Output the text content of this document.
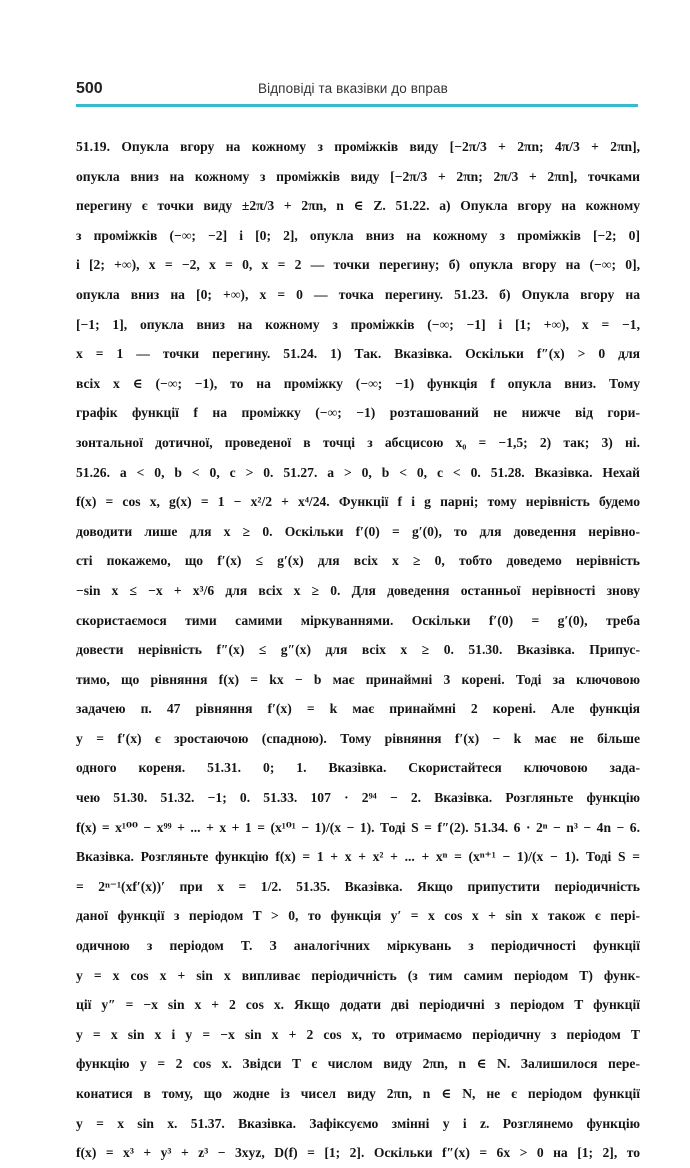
500	Відповіді та вказівки до вправ

51.19. Опукла вгору на кожному з проміжків виду [−2π/3 + 2πn; 4π/3 + 2πn],

опукла вниз на кожному з проміжків виду [−2π/3 + 2πn; 2π/3 + 2πn], точками

перегину є точки виду ±2π/3 + 2πn, n ∈ Z. 51.22. а) Опукла вгору на кожному

з проміжків (−∞; −2] і [0; 2], опукла вниз на кожному з проміжків [−2; 0]

і [2; +∞), x = −2, x = 0, x = 2 — точки перегину; б) опукла вгору на (−∞; 0],

опукла вниз на [0; +∞), x = 0 — точка перегину. 51.23. б) Опукла вгору на

[−1; 1], опукла вниз на кожному з проміжків (−∞; −1] і [1; +∞), x = −1,

x = 1 — точки перегину. 51.24. 1) Так. Вказівка. Оскільки f″(x) > 0 для

всіх x ∈ (−∞; −1), то на проміжку (−∞; −1) функція f опукла вниз. Тому

графік функції f на проміжку (−∞; −1) розташований не нижче від гори-

зонтальної дотичної, проведеної в точці з абсцисою x₀ = −1,5; 2) так; 3) ні.

51.26. a < 0, b < 0, c > 0. 51.27. a > 0, b < 0, c < 0. 51.28. Вказівка. Нехай

f(x) = cos x, g(x) = 1 − x²/2 + x⁴/24. Функції f і g парні; тому нерівність будемо

доводити лише для x ≥ 0. Оскільки f′(0) = g′(0), то для доведення нерівно-

сті покажемо, що f′(x) ≤ g′(x) для всіх x ≥ 0, тобто доведемо нерівність

−sin x ≤ −x + x³/6 для всіх x ≥ 0. Для доведення останньої нерівності знову

скористаємося тими самими міркуваннями. Оскільки f′(0) = g′(0), треба

довести нерівність f″(x) ≤ g″(x) для всіх x ≥ 0. 51.30. Вказівка. Припус-

тимо, що рівняння f(x) = kx − b має принаймні 3 корені. Тоді за ключовою

задачею п. 47 рівняння f′(x) = k має принаймні 2 корені. Але функція

y = f′(x) є зростаючою (спадною). Тому рівняння f′(x) − k має не більше

одного кореня. 51.31. 0; 1. Вказівка. Скористайтеся ключовою зада-

чею 51.30. 51.32. −1; 0. 51.33. 107 · 2⁹⁴ − 2. Вказівка. Розгляньте функцію

f(x) = x¹⁰⁰ − x⁹⁹ + ... + x + 1 = (x¹⁰¹ − 1)/(x − 1). Тоді S = f″(2). 51.34. 6 · 2ⁿ − n³ − 4n − 6.

Вказівка. Розгляньте функцію f(x) = 1 + x + x² + ... + xⁿ = (xⁿ⁺¹ − 1)/(x − 1). Тоді S =

= 2ⁿ⁻¹(xf′(x))′ при x = 1/2. 51.35. Вказівка. Якщо припустити періодичність

даної функції з періодом T > 0, то функція y′ = x cos x + sin x також є пері-

одичною з періодом T. З аналогічних міркувань з періодичності функції

y = x cos x + sin x випливає періодичність (з тим самим періодом T) функ-

ції y″ = −x sin x + 2 cos x. Якщо додати дві періодичні з періодом T функції

y = x sin x і y = −x sin x + 2 cos x, то отримаємо періодичну з періодом T

функцію y = 2 cos x. Звідси T є числом виду 2πn, n ∈ N. Залишилося пере-

конатися в тому, що жодне із чисел виду 2πn, n ∈ N, не є періодом функції

y = x sin x. 51.37. Вказівка. Зафіксуємо змінні y і z. Розглянемо функцію

f(x) = x³ + y³ + z³ − 3xyz, D(f) = [1; 2]. Оскільки f″(x) = 6x > 0 на [1; 2], то
